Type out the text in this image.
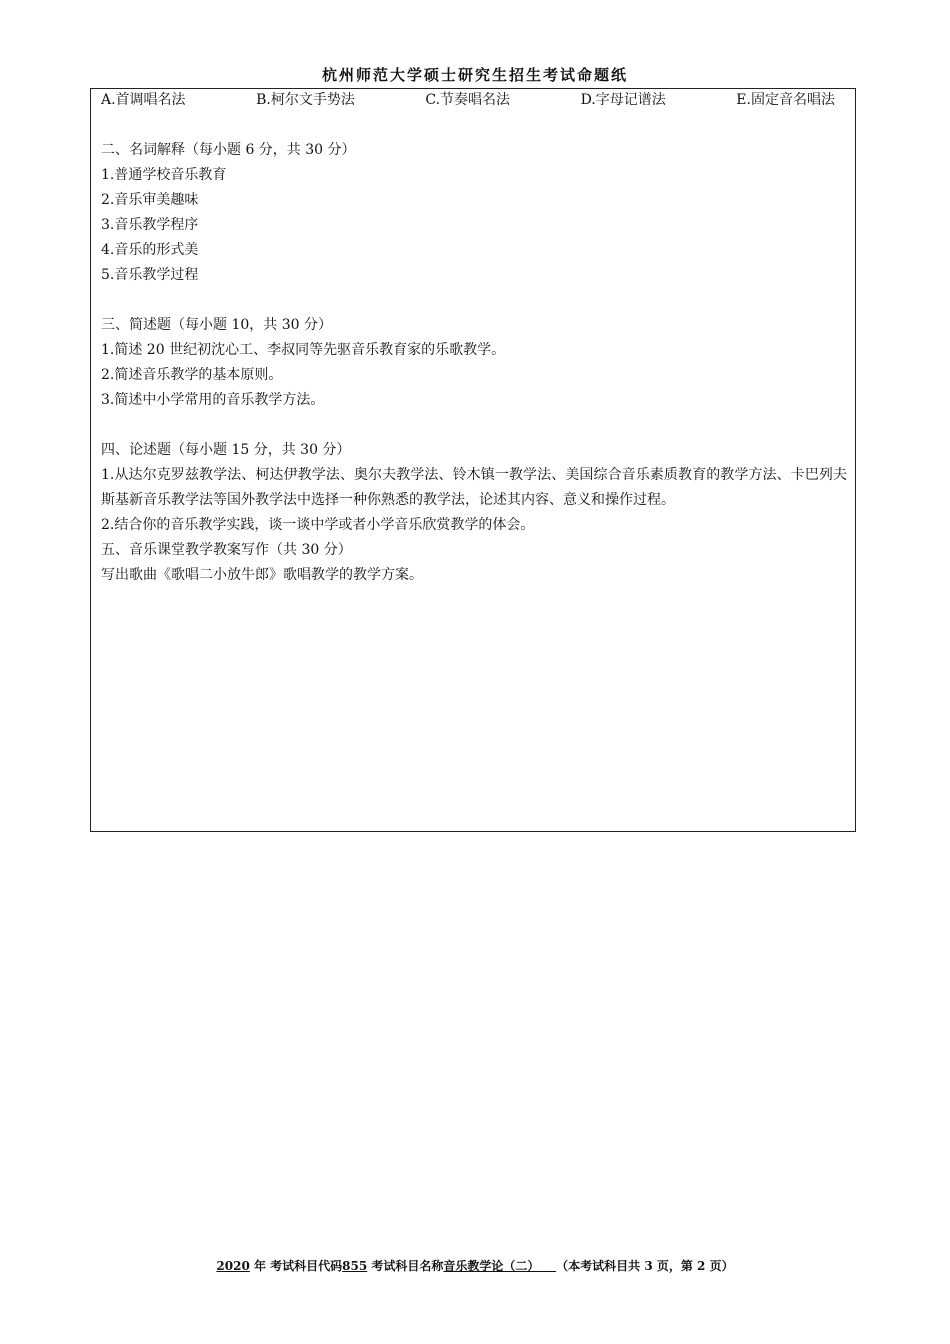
杭州师范大学硕士研究生招生考试命题纸
A.首调唱名法	B.柯尔文手势法	C.节奏唱名法	D.字母记谱法	E.固定音名唱法

二、名词解释（每小题 6 分，共 30 分）

1.普通学校音乐教育

2.音乐审美趣味

3.音乐教学程序

4.音乐的形式美

5.音乐教学过程

三、简述题（每小题 10，共 30 分）

1.简述 20 世纪初沈心工、李叔同等先驱音乐教育家的乐歌教学。

2.简述音乐教学的基本原则。

3.简述中小学常用的音乐教学方法。

四、论述题（每小题 15 分，共 30 分）

1.从达尔克罗兹教学法、柯达伊教学法、奥尔夫教学法、铃木镇一教学法、美国综合音乐素质教育的教学方法、卡巴列夫斯基新音乐教学法等国外教学法中选择一种你熟悉的教学法，论述其内容、意义和操作过程。

2.结合你的音乐教学实践，谈一谈中学或者小学音乐欣赏教学的体会。

五、音乐课堂教学教案写作（共 30 分）

写出歌曲《歌唱二小放牛郎》歌唱教学的教学方案。

2020 年 考试科目代码855 考试科目名称音乐教学论（二） （本考试科目共 3 页，第 2 页）
